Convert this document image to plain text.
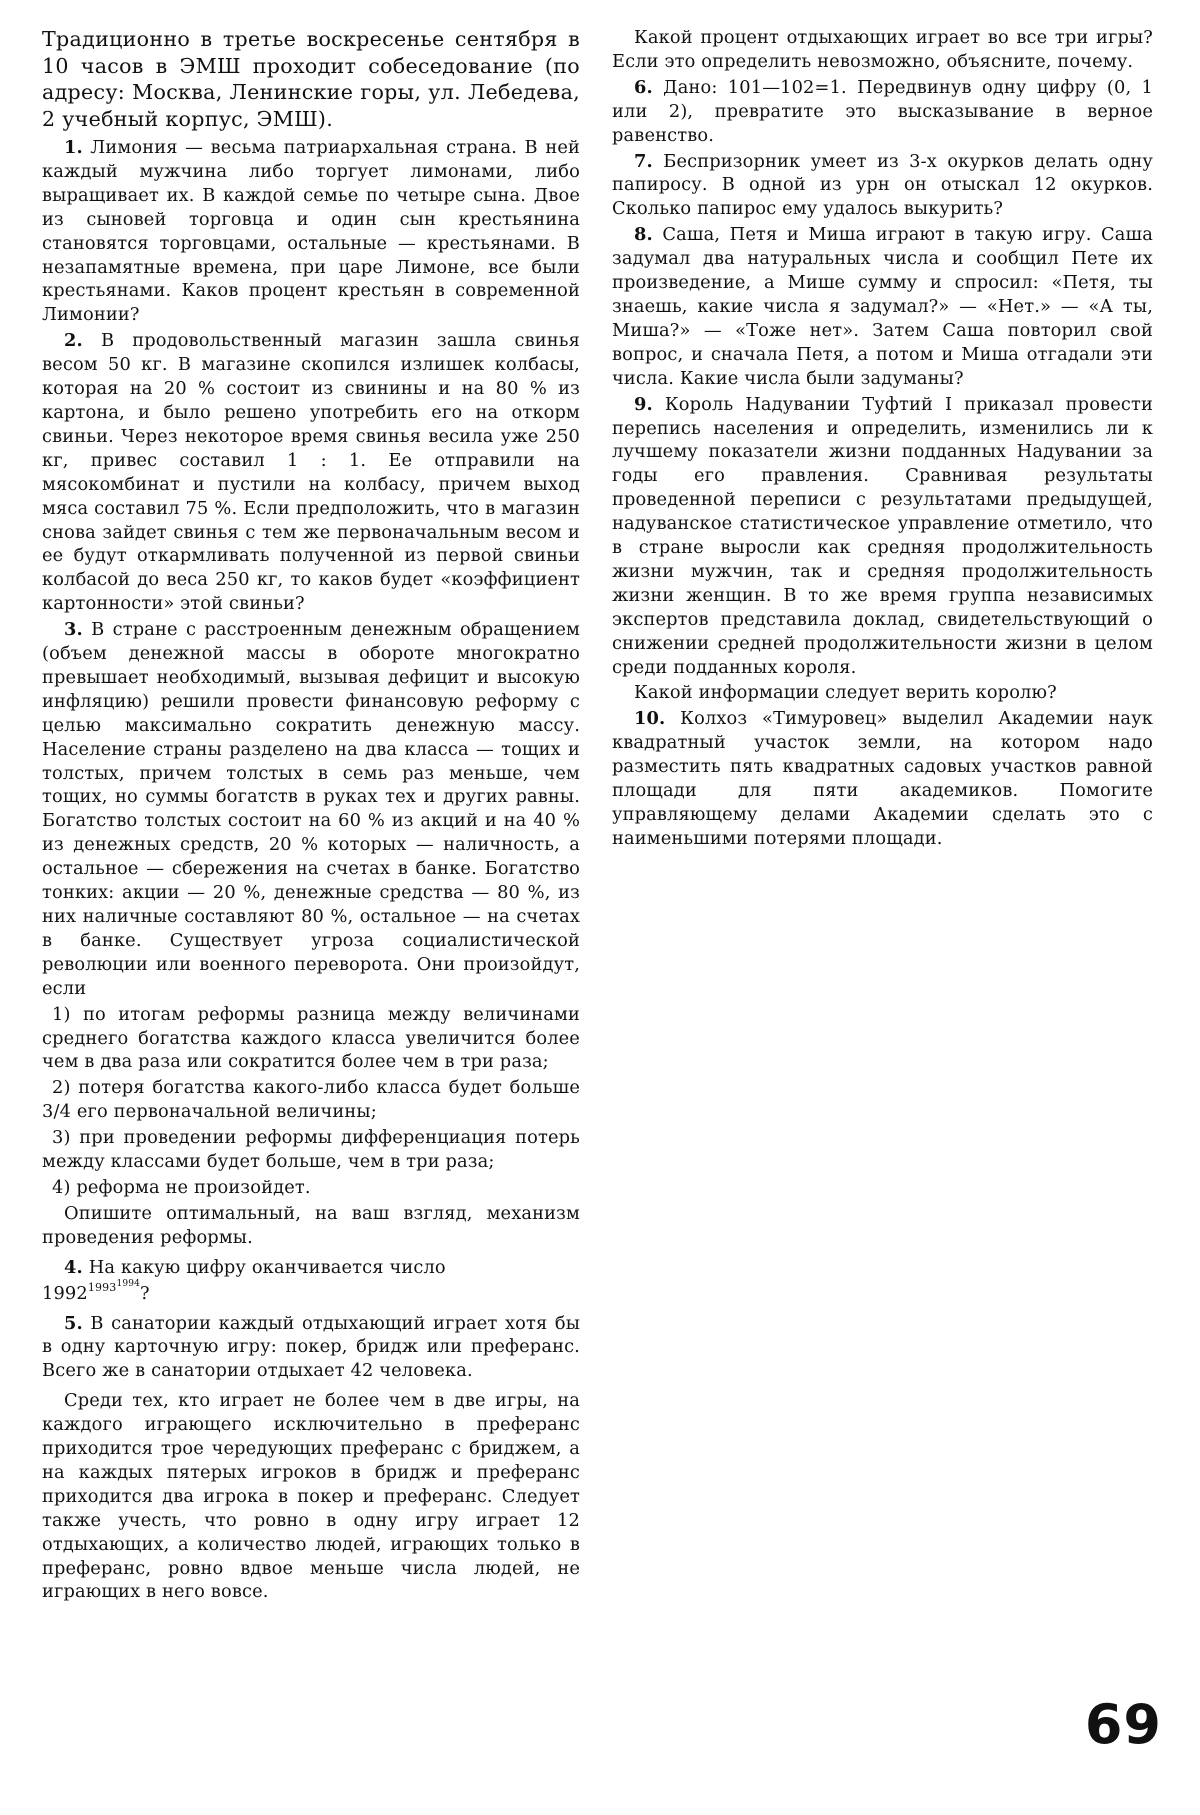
Традиционно в третье воскресенье сентября в 10 часов в ЭМШ проходит собеседование (по адресу: Москва, Ленинские горы, ул. Лебедева, 2 учебный корпус, ЭМШ).

1. Лимония — весьма патриархальная страна. В ней каждый мужчина либо торгует лимонами, либо выращивает их. В каждой семье по четыре сына. Двое из сыновей торговца и один сын крестьянина становятся торговцами, остальные — крестьянами. В незапамятные времена, при царе Лимоне, все были крестьянами. Каков процент крестьян в современной Лимонии?

2. В продовольственный магазин зашла свинья весом 50 кг. В магазине скопился излишек колбасы, которая на 20 % состоит из свинины и на 80 % из картона, и было решено употребить его на откорм свиньи. Через некоторое время свинья весила уже 250 кг, привес составил 1 : 1. Ее отправили на мясокомбинат и пустили на колбасу, причем выход мяса составил 75 %. Если предположить, что в магазин снова зайдет свинья с тем же первоначальным весом и ее будут откармливать полученной из первой свиньи колбасой до веса 250 кг, то каков будет «коэффициент картонности» этой свиньи?

3. В стране с расстроенным денежным обращением (объем денежной массы в обороте многократно превышает необходимый, вызывая дефицит и высокую инфляцию) решили провести финансовую реформу с целью максимально сократить денежную массу. Население страны разделено на два класса — тощих и толстых, причем толстых в семь раз меньше, чем тощих, но суммы богатств в руках тех и других равны. Богатство толстых состоит на 60 % из акций и на 40 % из денежных средств, 20 % которых — наличность, а остальное — сбережения на счетах в банке. Богатство тонких: акции — 20 %, денежные средства — 80 %, из них наличные составляют 80 %, остальное — на счетах в банке. Существует угроза социалистической революции или военного переворота. Они произойдут, если

1) по итогам реформы разница между величинами среднего богатства каждого класса увеличится более чем в два раза или сократится более чем в три раза;

2) потеря богатства какого-либо класса будет больше 3/4 его первоначальной величины;

3) при проведении реформы дифференциация потерь между классами будет больше, чем в три раза;

4) реформа не произойдет.

Опишите оптимальный, на ваш взгляд, механизм проведения реформы.

4. На какую цифру оканчивается число

$1992^{1993^{1994}}$?

5. В санатории каждый отдыхающий играет хотя бы в одну карточную игру: покер, бридж или преферанс. Всего же в санатории отдыхает 42 человека.

Среди тех, кто играет не более чем в две игры, на каждого играющего исключительно в преферанс приходится трое чередующих преферанс с бриджем, а на каждых пятерых игроков в бридж и преферанс приходится два игрока в покер и преферанс. Следует также учесть, что ровно в одну игру играет 12 отдыхающих, а количество людей, играющих только в преферанс, ровно вдвое меньше числа людей, не играющих в него вовсе.

Какой процент отдыхающих играет во все три игры? Если это определить невозможно, объясните, почему.

6. Дано: 101—102=1. Передвинув одну цифру (0, 1 или 2), превратите это высказывание в верное равенство.

7. Беспризорник умеет из 3-х окурков делать одну папиросу. В одной из урн он отыскал 12 окурков. Сколько папирос ему удалось выкурить?

8. Саша, Петя и Миша играют в такую игру. Саша задумал два натуральных числа и сообщил Пете их произведение, а Мише сумму и спросил: «Петя, ты знаешь, какие числа я задумал?» — «Нет.» — «А ты, Миша?» — «Тоже нет». Затем Саша повторил свой вопрос, и сначала Петя, а потом и Миша отгадали эти числа. Какие числа были задуманы?

9. Король Надувании Туфтий I приказал провести перепись населения и определить, изменились ли к лучшему показатели жизни подданных Надувании за годы его правления. Сравнивая результаты проведенной переписи с результатами предыдущей, надуванское статистическое управление отметило, что в стране выросли как средняя продолжительность жизни мужчин, так и средняя продолжительность жизни женщин. В то же время группа независимых экспертов представила доклад, свидетельствующий о снижении средней продолжительности жизни в целом среди подданных короля.

Какой информации следует верить королю?

10. Колхоз «Тимуровец» выделил Академии наук квадратный участок земли, на котором надо разместить пять квадратных садовых участков равной площади для пяти академиков. Помогите управляющему делами Академии сделать это с наименьшими потерями площади.

69
